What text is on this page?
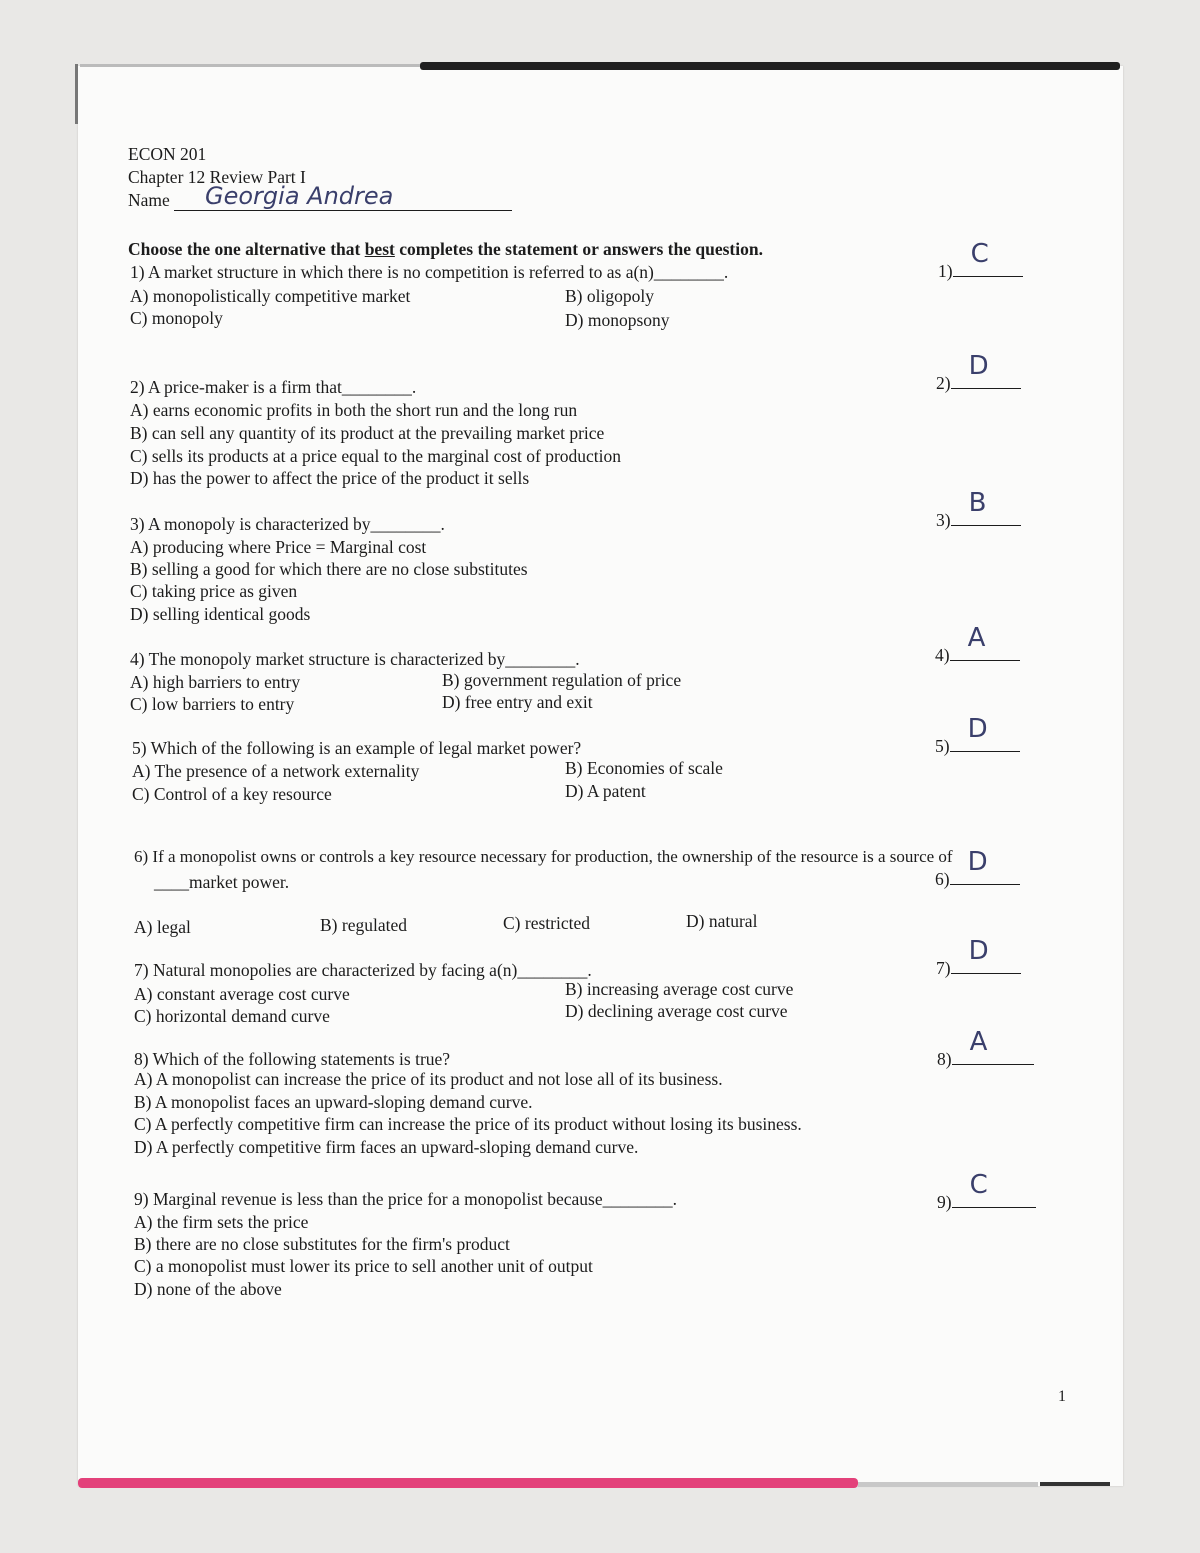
ECON 201
Chapter 12 Review Part I
Name Georgia Andrea
Choose the one alternative that best completes the statement or answers the question.
1) A market structure in which there is no competition is referred to as a(n)________.
A) monopolistically competitive market	B) oligopoly
C) monopoly	D) monopsony
1)
C
2) A price-maker is a firm that________.
A) earns economic profits in both the short run and the long run
B) can sell any quantity of its product at the prevailing market price
C) sells its products at a price equal to the marginal cost of production
D) has the power to affect the price of the product it sells
2)
D
3) A monopoly is characterized by________.
A) producing where Price = Marginal cost
B) selling a good for which there are no close substitutes
C) taking price as given
D) selling identical goods
3)
B
4) The monopoly market structure is characterized by________.
A) high barriers to entry	B) government regulation of price
C) low barriers to entry	D) free entry and exit
4)
A
5) Which of the following is an example of legal market power?
A) The presence of a network externality	B) Economies of scale
C) Control of a key resource	D) A patent
5)
D
6) If a monopolist owns or controls a key resource necessary for production, the ownership of the resource is a source of
____market power.	6)
D
A) legal	B) regulated	C) restricted	D) natural
7) Natural monopolies are characterized by facing a(n)________.
A) constant average cost curve	B) increasing average cost curve
C) horizontal demand curve	D) declining average cost curve
7)
D
8) Which of the following statements is true?
A) A monopolist can increase the price of its product and not lose all of its business.
B) A monopolist faces an upward-sloping demand curve.
C) A perfectly competitive firm can increase the price of its product without losing its business.
D) A perfectly competitive firm faces an upward-sloping demand curve.
8)
A
9) Marginal revenue is less than the price for a monopolist because________.
A) the firm sets the price
B) there are no close substitutes for the firm's product
C) a monopolist must lower its price to sell another unit of output
D) none of the above
9)
C
1
